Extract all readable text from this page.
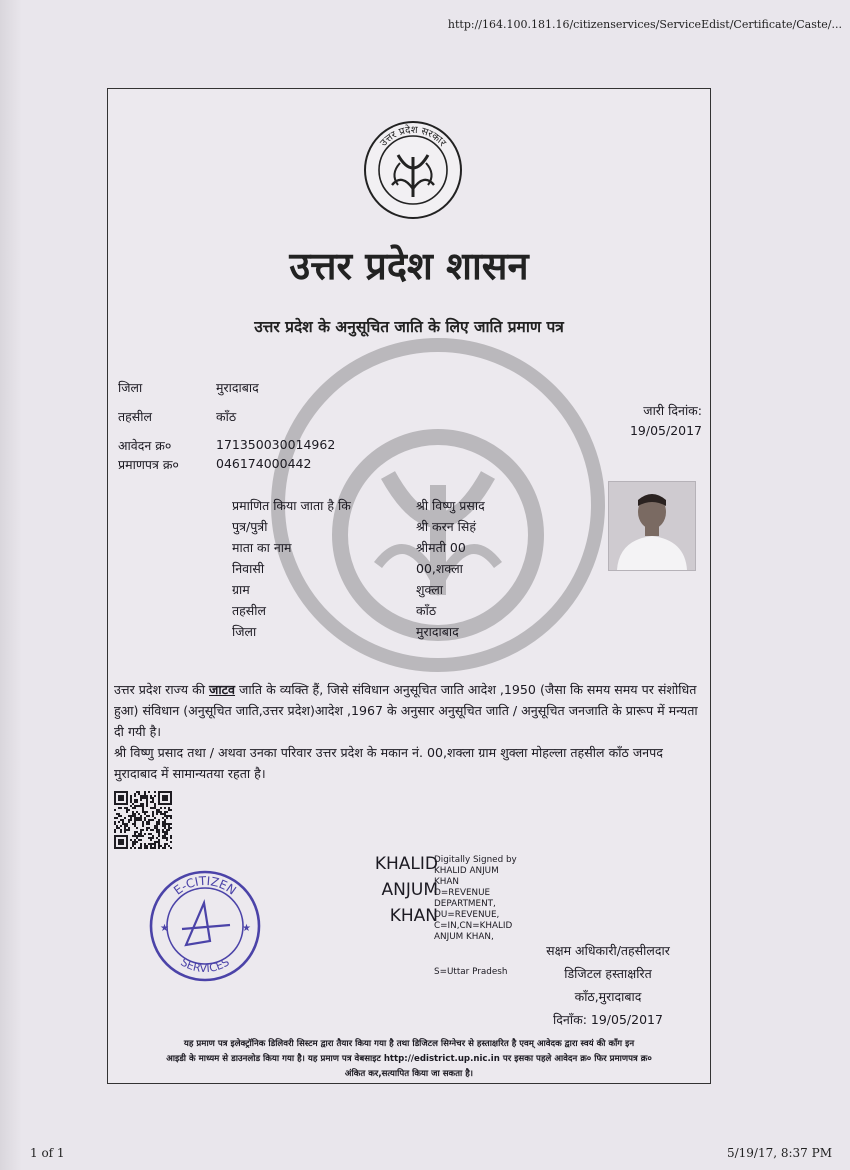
http://164.100.181.16/citizenservices/ServiceEdist/Certificate/Caste/...
उत्तर प्रदेश सरकार
उत्तर प्रदेश शासन
उत्तर प्रदेश के अनुसूचित जाति के लिए जाति प्रमाण पत्र
जिला	मुरादाबाद
तहसील	काँठ
आवेदन क्र०	171350030014962
प्रमाणपत्र क्र०	046174000442
जारी दिनांक:
19/05/2017
प्रमाणित किया जाता है कि	श्री विष्णु प्रसाद
पुत्र/पुत्री	श्री करन सिहं
माता का नाम	श्रीमती 00
निवासी	00,शक्ला
ग्राम	शुक्ला
तहसील	काँठ
जिला	मुरादाबाद

उत्तर प्रदेश राज्य की जाटव जाति के व्यक्ति हैं, जिसे संविधान अनुसूचित जाति आदेश ,1950 (जैसा कि समय समय पर संशोधित हुआ) संविधान (अनुसूचित जाति,उत्तर प्रदेश)आदेश ,1967 के अनुसार अनुसूचित जाति / अनुसूचित जनजाति के प्रारूप में मन्यता दी गयी है।

श्री विष्णु प्रसाद तथा / अथवा उनका परिवार उत्तर प्रदेश के मकान नं. 00,शक्ला ग्राम शुक्ला मोहल्ला तहसील काँठ जनपद मुरादाबाद में सामान्यतया रहता है।

E-CITIZEN
SERVICES
★	★
KHALID
ANJUM
KHAN
Digitally Signed by
KHALID ANJUM
KHAN
O=REVENUE
DEPARTMENT,
OU=REVENUE,
C=IN,CN=KHALID
ANJUM KHAN,
S=Uttar Pradesh
सक्षम अधिकारी/तहसीलदार
डिजिटल हस्ताक्षरित
काँठ,मुरादाबाद
दिनाँक: 19/05/2017
यह प्रमाण पत्र इलेक्ट्रॉनिक डिलिवरी सिस्टम द्वारा तैयार किया गया है तथा डिजिटल सिग्नेचर से हस्ताक्षरित है एवम् आवेदक द्वारा स्वयं की काँग इन
आइडी के माध्यम से डाउनलोड किया गया है। यह प्रमाण पत्र वेबसाइट http://edistrict.up.nic.in पर इसका पहले आवेदन क्र० फिर प्रमाणपत्र क्र०
अंकित कर,सत्यापित किया जा सकता है।
1 of 1	5/19/17, 8:37 PM
